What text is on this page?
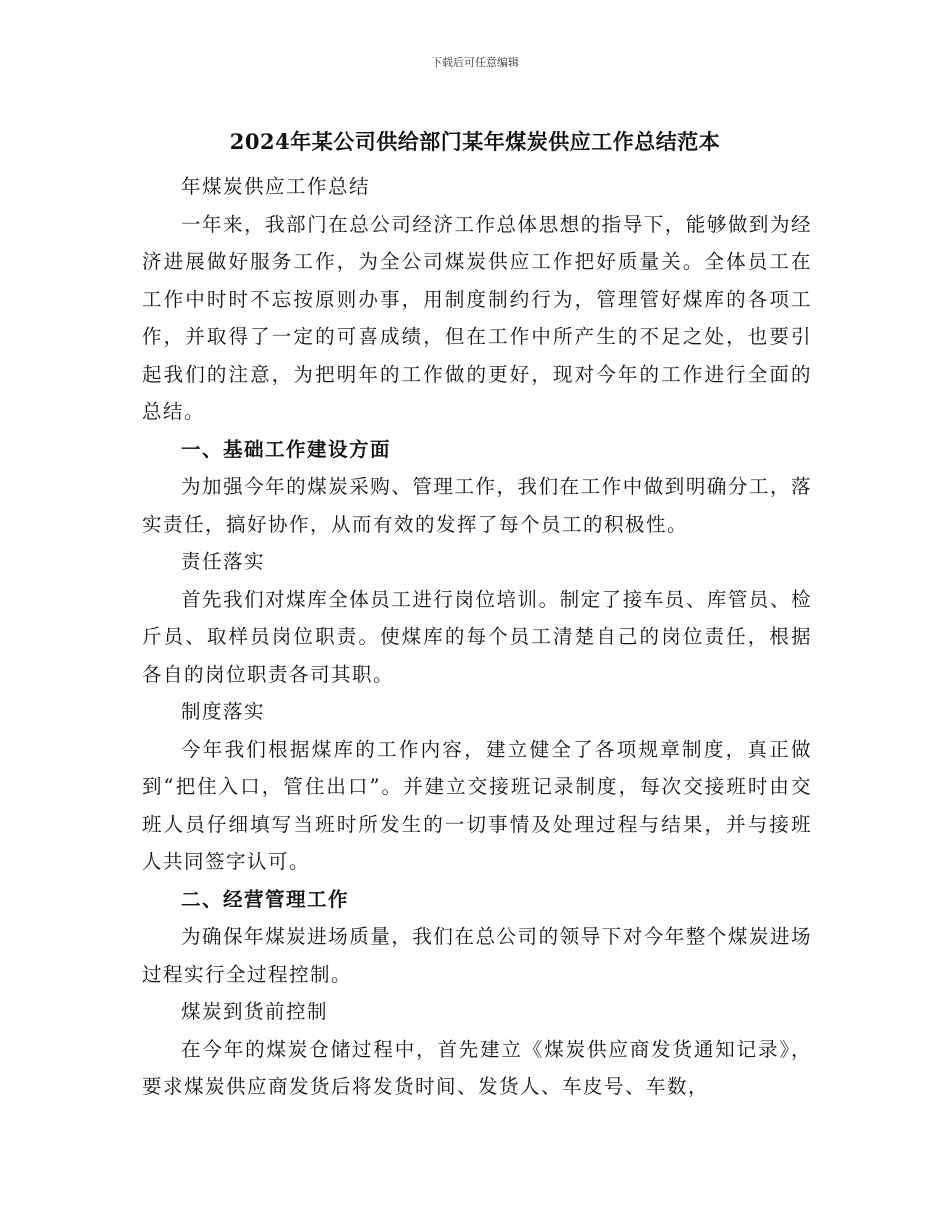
下载后可任意编辑
2024年某公司供给部门某年煤炭供应工作总结范本

年煤炭供应工作总结

一年来，我部门在总公司经济工作总体思想的指导下，能够做到为经济进展做好服务工作，为全公司煤炭供应工作把好质量关。全体员工在工作中时时不忘按原则办事，用制度制约行为，管理管好煤库的各项工作，并取得了一定的可喜成绩，但在工作中所产生的不足之处，也要引起我们的注意，为把明年的工作做的更好，现对今年的工作进行全面的总结。

一、基础工作建设方面

为加强今年的煤炭采购、管理工作，我们在工作中做到明确分工，落实责任，搞好协作，从而有效的发挥了每个员工的积极性。

责任落实

首先我们对煤库全体员工进行岗位培训。制定了接车员、库管员、检斤员、取样员岗位职责。使煤库的每个员工清楚自己的岗位责任，根据各自的岗位职责各司其职。

制度落实

今年我们根据煤库的工作内容，建立健全了各项规章制度，真正做到“把住入口，管住出口”。并建立交接班记录制度，每次交接班时由交班人员仔细填写当班时所发生的一切事情及处理过程与结果，并与接班人共同签字认可。

二、经营管理工作

为确保年煤炭进场质量，我们在总公司的领导下对今年整个煤炭进场过程实行全过程控制。

煤炭到货前控制

在今年的煤炭仓储过程中，首先建立《煤炭供应商发货通知记录》，要求煤炭供应商发货后将发货时间、发货人、车皮号、车数，
